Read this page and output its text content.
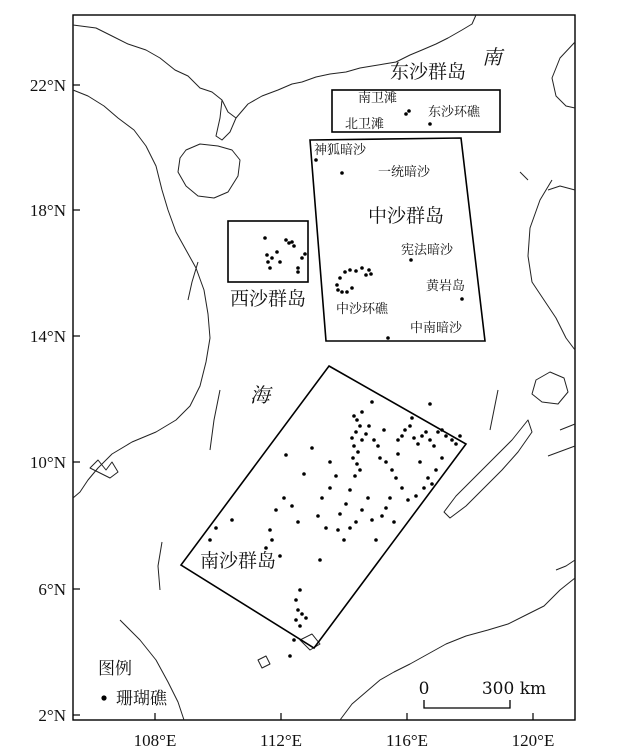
22°N
18°N
14°N
10°N
6°N
2°N
108°E	112°E	116°E	120°E
南
海
东沙群岛
中沙群岛
西沙群岛
南沙群岛
南卫滩
东沙环礁
北卫滩
神狐暗沙
一统暗沙
宪法暗沙
黄岩岛
中沙环礁
中南暗沙
图例
珊瑚礁	0	300 km
